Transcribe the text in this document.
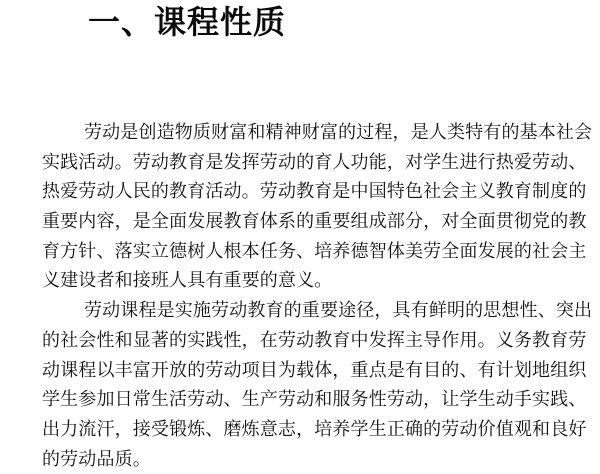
一、课程性质
劳动是创造物质财富和精神财富的过程，是人类特有的基本社会
实践活动。劳动教育是发挥劳动的育人功能，对学生进行热爱劳动、
热爱劳动人民的教育活动。劳动教育是中国特色社会主义教育制度的
重要内容，是全面发展教育体系的重要组成部分，对全面贯彻党的教
育方针、落实立德树人根本任务、培养德智体美劳全面发展的社会主
义建设者和接班人具有重要的意义。
劳动课程是实施劳动教育的重要途径，具有鲜明的思想性、突出
的社会性和显著的实践性，在劳动教育中发挥主导作用。义务教育劳
动课程以丰富开放的劳动项目为载体，重点是有目的、有计划地组织
学生参加日常生活劳动、生产劳动和服务性劳动，让学生动手实践、
出力流汗，接受锻炼、磨炼意志，培养学生正确的劳动价值观和良好
的劳动品质。
